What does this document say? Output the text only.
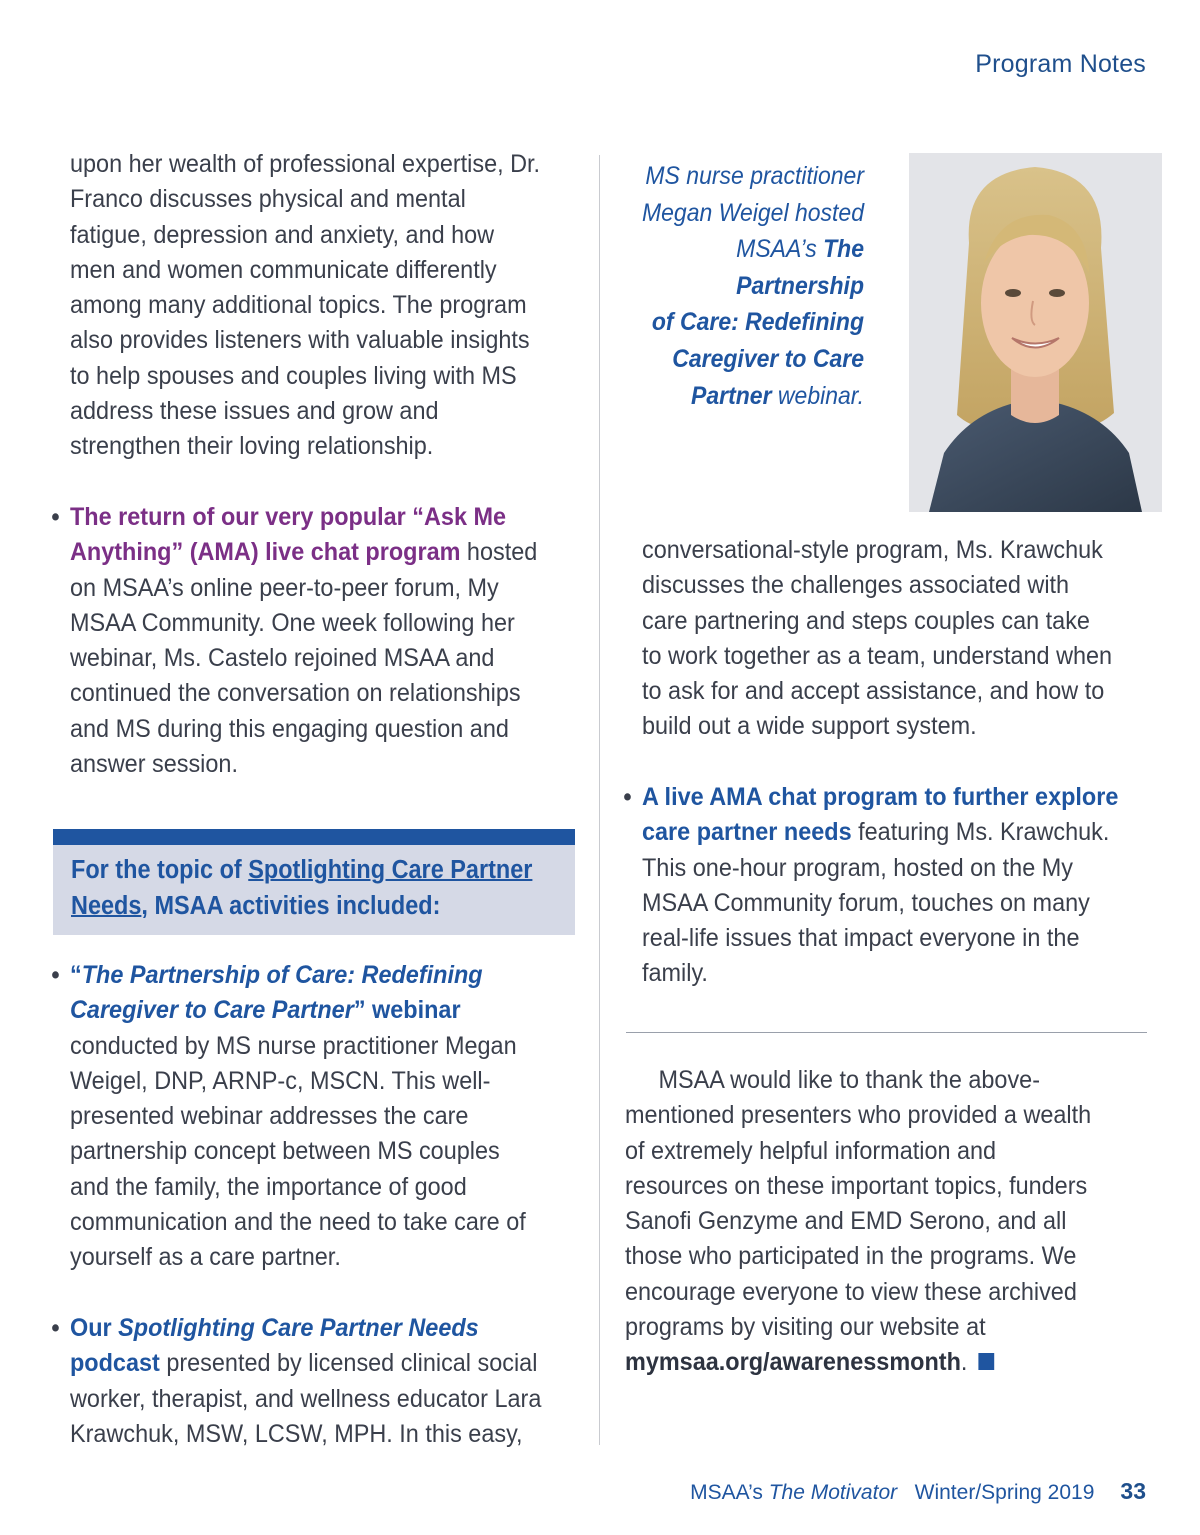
Program Notes

upon her wealth of professional expertise, Dr.

Franco discusses physical and mental

fatigue, depression and anxiety, and how

men and women communicate differently

among many additional topics. The program

also provides listeners with valuable insights

to help spouses and couples living with MS

address these issues and grow and

strengthen their loving relationship.

• The return of our very popular “Ask Me

Anything” (AMA) live chat program hosted

on MSAA’s online peer-to-peer forum, My

MSAA Community. One week following her

webinar, Ms. Castelo rejoined MSAA and

continued the conversation on relationships

and MS during this engaging question and

answer session.

For the topic of Spotlighting Care Partner
Needs, MSAA activities included:

• “The Partnership of Care: Redefining

Caregiver to Care Partner” webinar

conducted by MS nurse practitioner Megan

Weigel, DNP, ARNP-c, MSCN. This well-

presented webinar addresses the care

partnership concept between MS couples

and the family, the importance of good

communication and the need to take care of

yourself as a care partner.

• Our Spotlighting Care Partner Needs

podcast presented by licensed clinical social

worker, therapist, and wellness educator Lara

Krawchuk, MSW, LCSW, MPH. In this easy,

MS nurse practitioner
Megan Weigel hosted
MSAA’s The Partnership
of Care: Redefining
Caregiver to Care
Partner webinar.

conversational-style program, Ms. Krawchuk

discusses the challenges associated with

care partnering and steps couples can take

to work together as a team, understand when

to ask for and accept assistance, and how to

build out a wide support system.

• A live AMA chat program to further explore

care partner needs featuring Ms. Krawchuk.

This one-hour program, hosted on the My

MSAA Community forum, touches on many

real-life issues that impact everyone in the

family.

MSAA would like to thank the above-

mentioned presenters who provided a wealth

of extremely helpful information and

resources on these important topics, funders

Sanofi Genzyme and EMD Serono, and all

those who participated in the programs. We

encourage everyone to view these archived

programs by visiting our website at

mymsaa.org/awarenessmonth.

MSAA’s The Motivator Winter/Spring 2019 33
